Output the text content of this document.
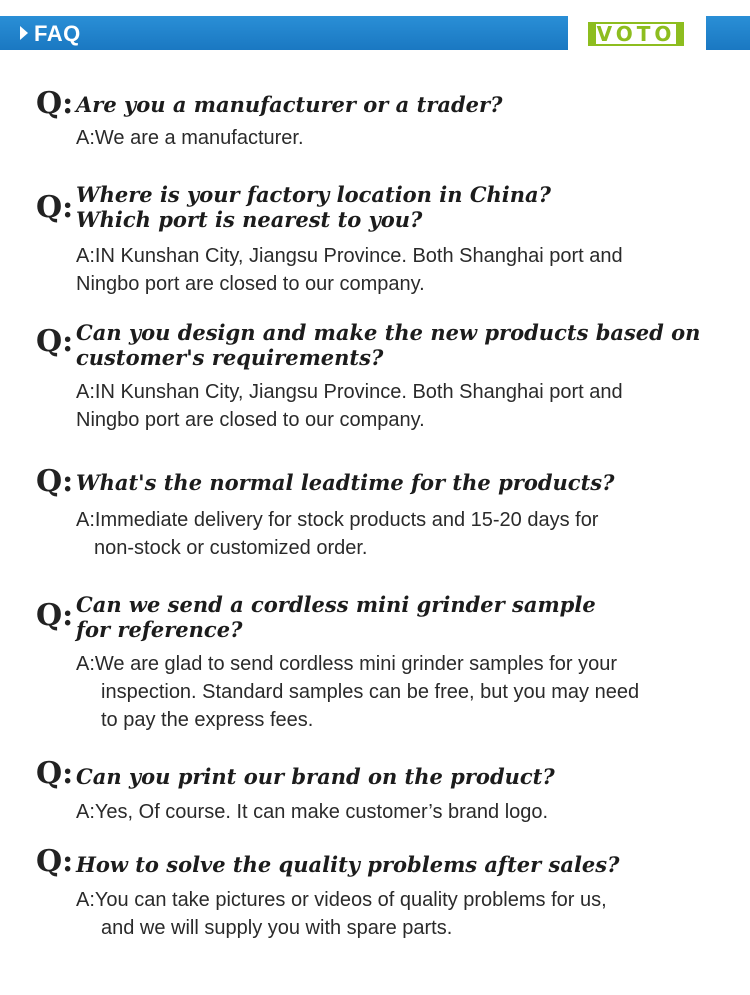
FAQ	VOTO
Q: Are you a manufacturer or a trader?
A:We are a manufacturer.
Q: Where is your factory location in China?
Which port is nearest to you?
A:IN Kunshan City, Jiangsu Province. Both Shanghai port and
Ningbo port are closed to our company.
Q: Can you design and make the new products based on
customer's requirements?
A:IN Kunshan City, Jiangsu Province. Both Shanghai port and
Ningbo port are closed to our company.
Q: What's the normal leadtime for the products?
A:Immediate delivery for stock products and 15-20 days for
non-stock or customized order.
Q: Can we send a cordless mini grinder sample
for reference?
A:We are glad to send cordless mini grinder samples for your
inspection. Standard samples can be free, but you may need
to pay the express fees.
Q: Can you print our brand on the product?
A:Yes, Of course. It can make customer’s brand logo.
Q: How to solve the quality problems after sales?
A:You can take pictures or videos of quality problems for us,
and we will supply you with spare parts.
